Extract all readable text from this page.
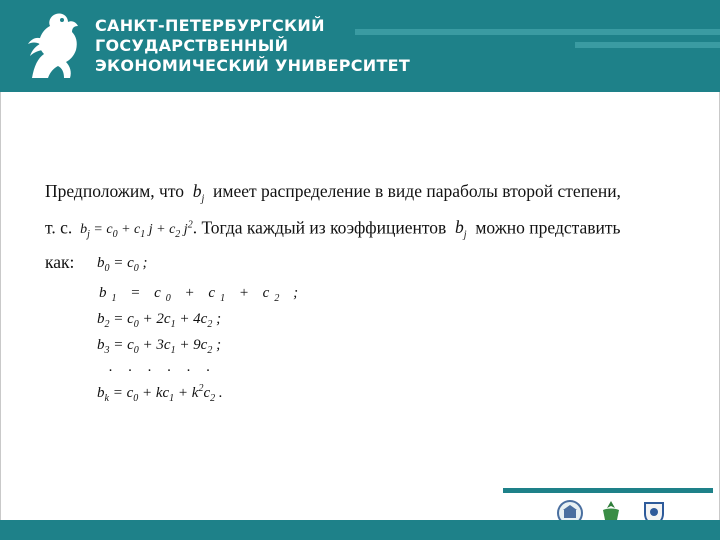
САНКТ-ПЕТЕРБУРГСКИЙ
ГОСУДАРСТВЕННЫЙ
ЭКОНОМИЧЕСКИЙ УНИВЕРСИТЕТ

Предположим, что  $b_j$ имеет распределение в виде параболы второй степени,

т. с.  $b_j = c_0 + c_1$ $j + c_2$ $j^2$. Тогда каждый из коэффициентов  $b_j$ можно представить

как:	$b_0 = c_0$ ;
$b_1 = c_0 + c_1 + c_2$ ;
$b_2 = c_0 + 2c_1 + 4c_2$ ;
$b_3 = c_0 + 3c_1 + 9c_2$ ;
. . . . . .
$b_k = c_0 + kc_1 + k^2c_2$ .
